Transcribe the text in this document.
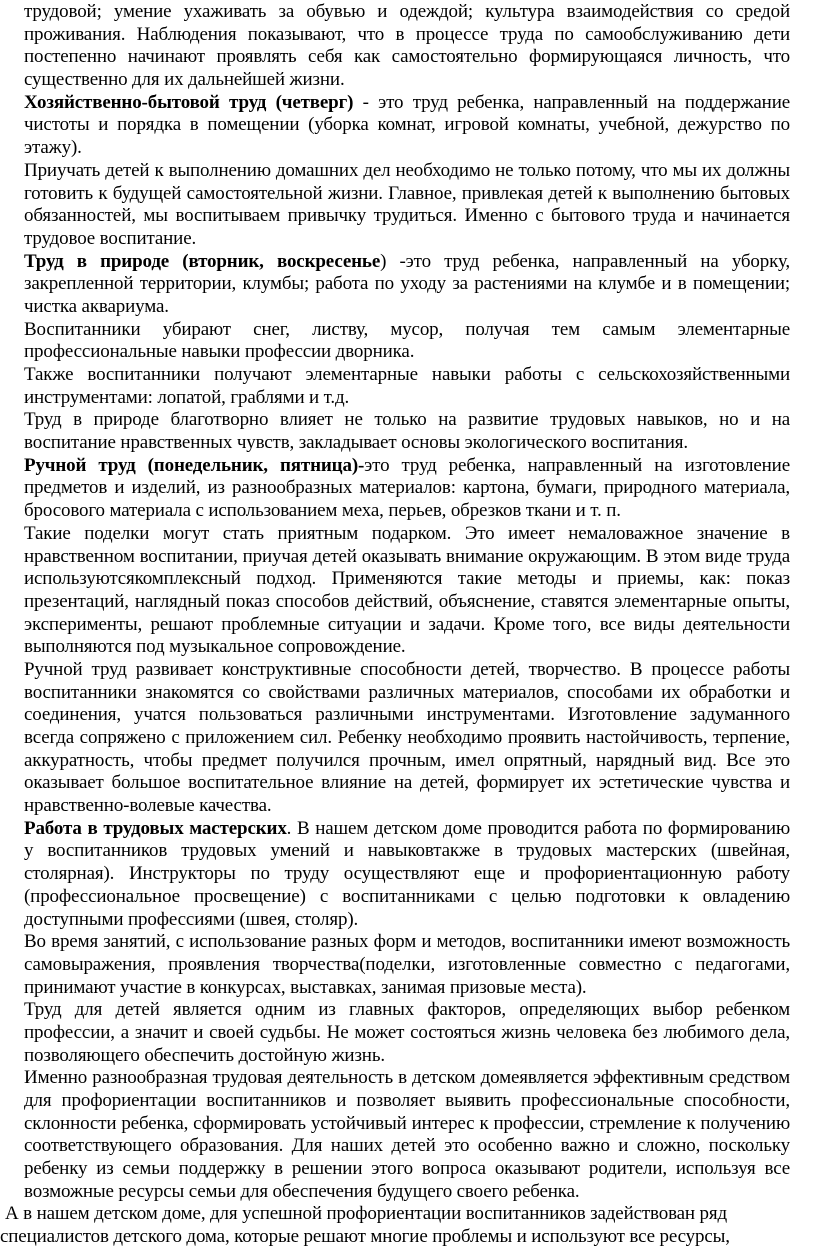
трудовой; умение ухаживать за обувью и одеждой; культура взаимодействия со средой
проживания. Наблюдения показывают, что в процессе труда по самообслуживанию дети
постепенно начинают проявлять себя как самостоятельно формирующаяся личность, что
существенно для их дальнейшей жизни.
Хозяйственно-бытовой труд (четверг) - это труд ребенка, направленный на поддержание
чистоты и порядка в помещении (уборка комнат, игровой комнаты, учебной, дежурство по
этажу).
Приучать детей к выполнению домашних дел необходимо не только потому, что мы их должны
готовить к будущей самостоятельной жизни. Главное, привлекая детей к выполнению бытовых
обязанностей, мы воспитываем привычку трудиться. Именно с бытового труда и начинается
трудовое воспитание.
Труд в природе (вторник, воскресенье) -это труд ребенка, направленный на уборку,
закрепленной территории, клумбы; работа по уходу за растениями на клумбе и в помещении;
чистка аквариума.
Воспитанники убирают снег, листву, мусор, получая тем самым элементарные
профессиональные навыки профессии дворника.
Также воспитанники получают элементарные навыки работы с сельскохозяйственными
инструментами: лопатой, граблями и т.д.
Труд в природе благотворно влияет не только на развитие трудовых навыков, но и на
воспитание нравственных чувств, закладывает основы экологического воспитания.
Ручной труд (понедельник, пятница)-это труд ребенка, направленный на изготовление
предметов и изделий, из разнообразных материалов: картона, бумаги, природного материала,
бросового материала с использованием меха, перьев, обрезков ткани и т. п.
Такие поделки могут стать приятным подарком. Это имеет немаловажное значение в
нравственном воспитании, приучая детей оказывать внимание окружающим. В этом виде труда
используютсякомплексный подход. Применяются такие методы и приемы, как: показ
презентаций, наглядный показ способов действий, объяснение, ставятся элементарные опыты,
эксперименты, решают проблемные ситуации и задачи. Кроме того, все виды деятельности
выполняются под музыкальное сопровождение.
Ручной труд развивает конструктивные способности детей, творчество. В процессе работы
воспитанники знакомятся со свойствами различных материалов, способами их обработки и
соединения, учатся пользоваться различными инструментами. Изготовление задуманного
всегда сопряжено с приложением сил. Ребенку необходимо проявить настойчивость, терпение,
аккуратность, чтобы предмет получился прочным, имел опрятный, нарядный вид. Все это
оказывает большое воспитательное влияние на детей, формирует их эстетические чувства и
нравственно-волевые качества.
Работа в трудовых мастерских. В нашем детском доме проводится работа по формированию
у воспитанников трудовых умений и навыковтакже в трудовых мастерских (швейная,
столярная). Инструкторы по труду осуществляют еще и профориентационную работу
(профессиональное просвещение) с воспитанниками с целью подготовки к овладению
доступными профессиями (швея, столяр).
Во время занятий, с использование разных форм и методов, воспитанники имеют возможность
самовыражения, проявления творчества(поделки, изготовленные совместно с педагогами,
принимают участие в конкурсах, выставках, занимая призовые места).
Труд для детей является одним из главных факторов, определяющих выбор ребенком
профессии, а значит и своей судьбы. Не может состояться жизнь человека без любимого дела,
позволяющего обеспечить достойную жизнь.
Именно разнообразная трудовая деятельность в детском домеявляется эффективным средством
для профориентации воспитанников и позволяет выявить профессиональные способности,
склонности ребенка, сформировать устойчивый интерес к профессии, стремление к получению
соответствующего образования. Для наших детей это особенно важно и сложно, поскольку
ребенку из семьи поддержку в решении этого вопроса оказывают родители, используя все
возможные ресурсы семьи для обеспечения будущего своего ребенка.
А в нашем детском доме, для успешной профориентации воспитанников задействован ряд
специалистов детского дома, которые решают многие проблемы и используют все ресурсы,
